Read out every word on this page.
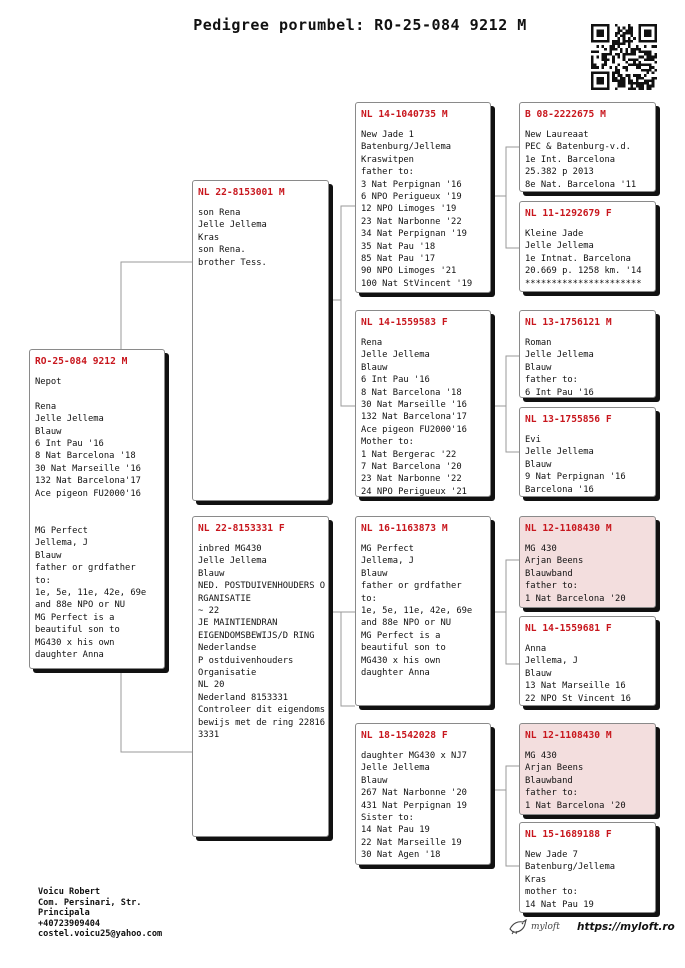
Pedigree porumbel: RO-25-084 9212 M
RO-25-084 9212 M
Nepot

Rena
Jelle Jellema
Blauw
6 Int Pau '16
8 Nat Barcelona '18
30 Nat Marseille '16
132 Nat Barcelona'17
Ace pigeon FU2000'16

MG Perfect
Jellema, J
Blauw
father or grdfather
to:
1e, 5e, 11e, 42e, 69e
and 88e NPO or NU
MG Perfect is a
beautiful son to
MG430 x his own
daughter Anna
NL 22-8153001 M
son Rena
Jelle Jellema
Kras
son Rena.
brother Tess.
NL 22-8153331 F
inbred MG430
Jelle Jellema
Blauw
NED. POSTDUIVENHOUDERS O
RGANISATIE
~ 22
JE MAINTIENDRAN
EIGENDOMSBEWIJS/D RING
Nederlandse
P ostduivenhouders
Organisatie
NL 20
Nederland 8153331
Controleer dit eigendoms
bewijs met de ring 22816
3331
NL 14-1040735 M
New Jade 1
Batenburg/Jellema
Kraswitpen
father to:
3 Nat Perpignan '16
6 NPO Perigueux '19
12 NPO Limoges '19
23 Nat Narbonne '22
34 Nat Perpignan '19
35 Nat Pau '18
85 Nat Pau '17
90 NPO Limoges '21
100 Nat StVincent '19
NL 14-1559583 F
Rena
Jelle Jellema
Blauw
6 Int Pau '16
8 Nat Barcelona '18
30 Nat Marseille '16
132 Nat Barcelona'17
Ace pigeon FU2000'16
Mother to:
1 Nat Bergerac '22
7 Nat Barcelona '20
23 Nat Narbonne '22
24 NPO Perigueux '21
NL 16-1163873 M
MG Perfect
Jellema, J
Blauw
father or grdfather
to:
1e, 5e, 11e, 42e, 69e
and 88e NPO or NU
MG Perfect is a
beautiful son to
MG430 x his own
daughter Anna
NL 18-1542028 F
daughter MG430 x NJ7
Jelle Jellema
Blauw
267 Nat Narbonne '20
431 Nat Perpignan 19
Sister to:
14 Nat Pau 19
22 Nat Marseille 19
30 Nat Agen '18
B 08-2222675 M
New Laureaat
PEC & Batenburg-v.d.
1e Int. Barcelona
25.382 p 2013
8e Nat. Barcelona '11
NL 11-1292679 F
Kleine Jade
Jelle Jellema
1e Intnat. Barcelona
20.669 p. 1258 km. '14
**********************
NL 13-1756121 M
Roman
Jelle Jellema
Blauw
father to:
6 Int Pau '16
NL 13-1755856 F
Evi
Jelle Jellema
Blauw
9 Nat Perpignan '16
Barcelona '16
NL 12-1108430 M
MG 430
Arjan Beens
Blauwband
father to:
1 Nat Barcelona '20
NL 14-1559681 F
Anna
Jellema, J
Blauw
13 Nat Marseille 16
22 NPO St Vincent 16
NL 12-1108430 M
MG 430
Arjan Beens
Blauwband
father to:
1 Nat Barcelona '20
NL 15-1689188 F
New Jade 7
Batenburg/Jellema
Kras
mother to:
14 Nat Pau 19
Voicu Robert
Com. Persinari, Str.
Principala
+40723909404
costel.voicu25@yahoo.com
myloft https://myloft.ro
